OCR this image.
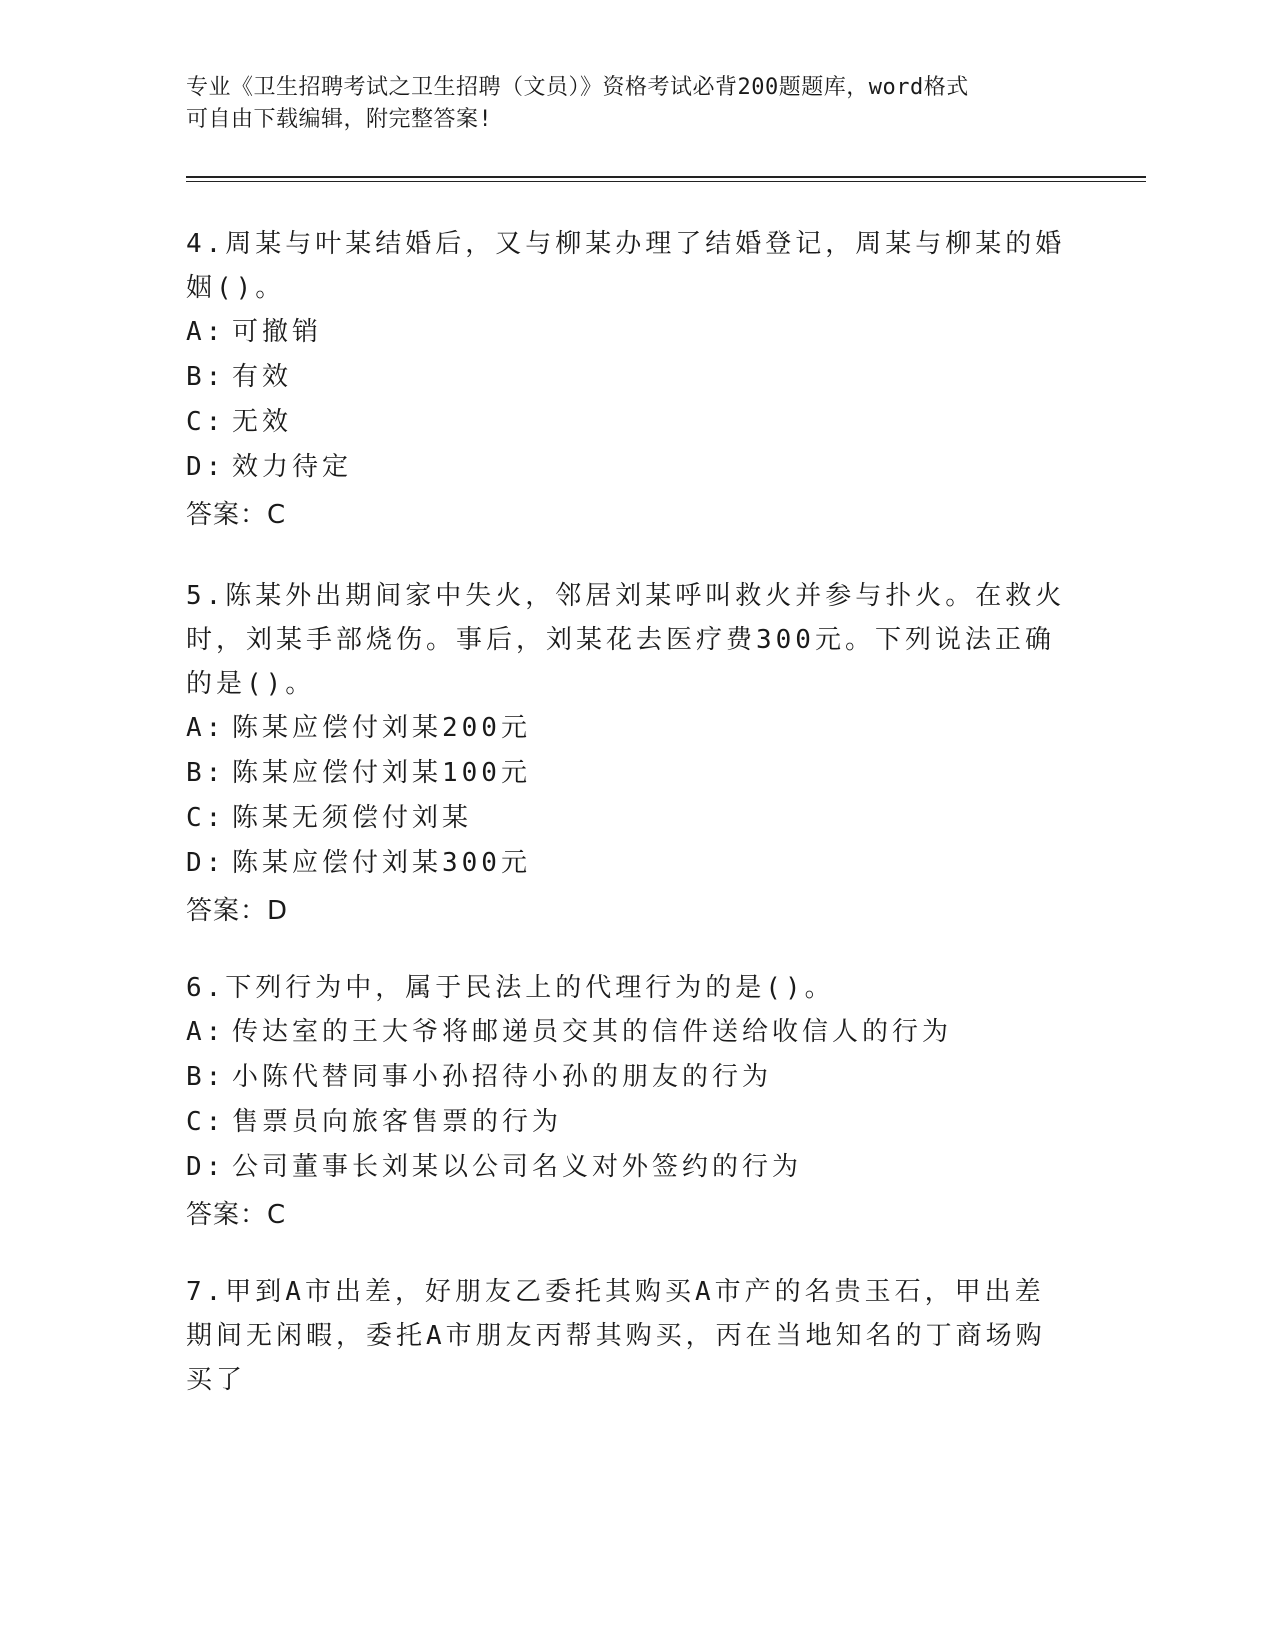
专业《卫生招聘考试之卫生招聘（文员）》资格考试必背200题题库，word格式
可自由下载编辑，附完整答案!
4.周某与叶某结婚后，又与柳某办理了结婚登记，周某与柳某的婚姻()。
A: 可撤销
B: 有效
C: 无效
D: 效力待定
答案：C
5.陈某外出期间家中失火，邻居刘某呼叫救火并参与扑火。在救火时，刘某手部烧伤。事后，刘某花去医疗费300元。下列说法正确的是()。
A: 陈某应偿付刘某200元
B: 陈某应偿付刘某100元
C: 陈某无须偿付刘某
D: 陈某应偿付刘某300元
答案：D
6.下列行为中，属于民法上的代理行为的是()。
A: 传达室的王大爷将邮递员交其的信件送给收信人的行为
B: 小陈代替同事小孙招待小孙的朋友的行为
C: 售票员向旅客售票的行为
D: 公司董事长刘某以公司名义对外签约的行为
答案：C
7.甲到A市出差，好朋友乙委托其购买A市产的名贵玉石，甲出差期间无闲暇，委托A市朋友丙帮其购买，丙在当地知名的丁商场购买了
